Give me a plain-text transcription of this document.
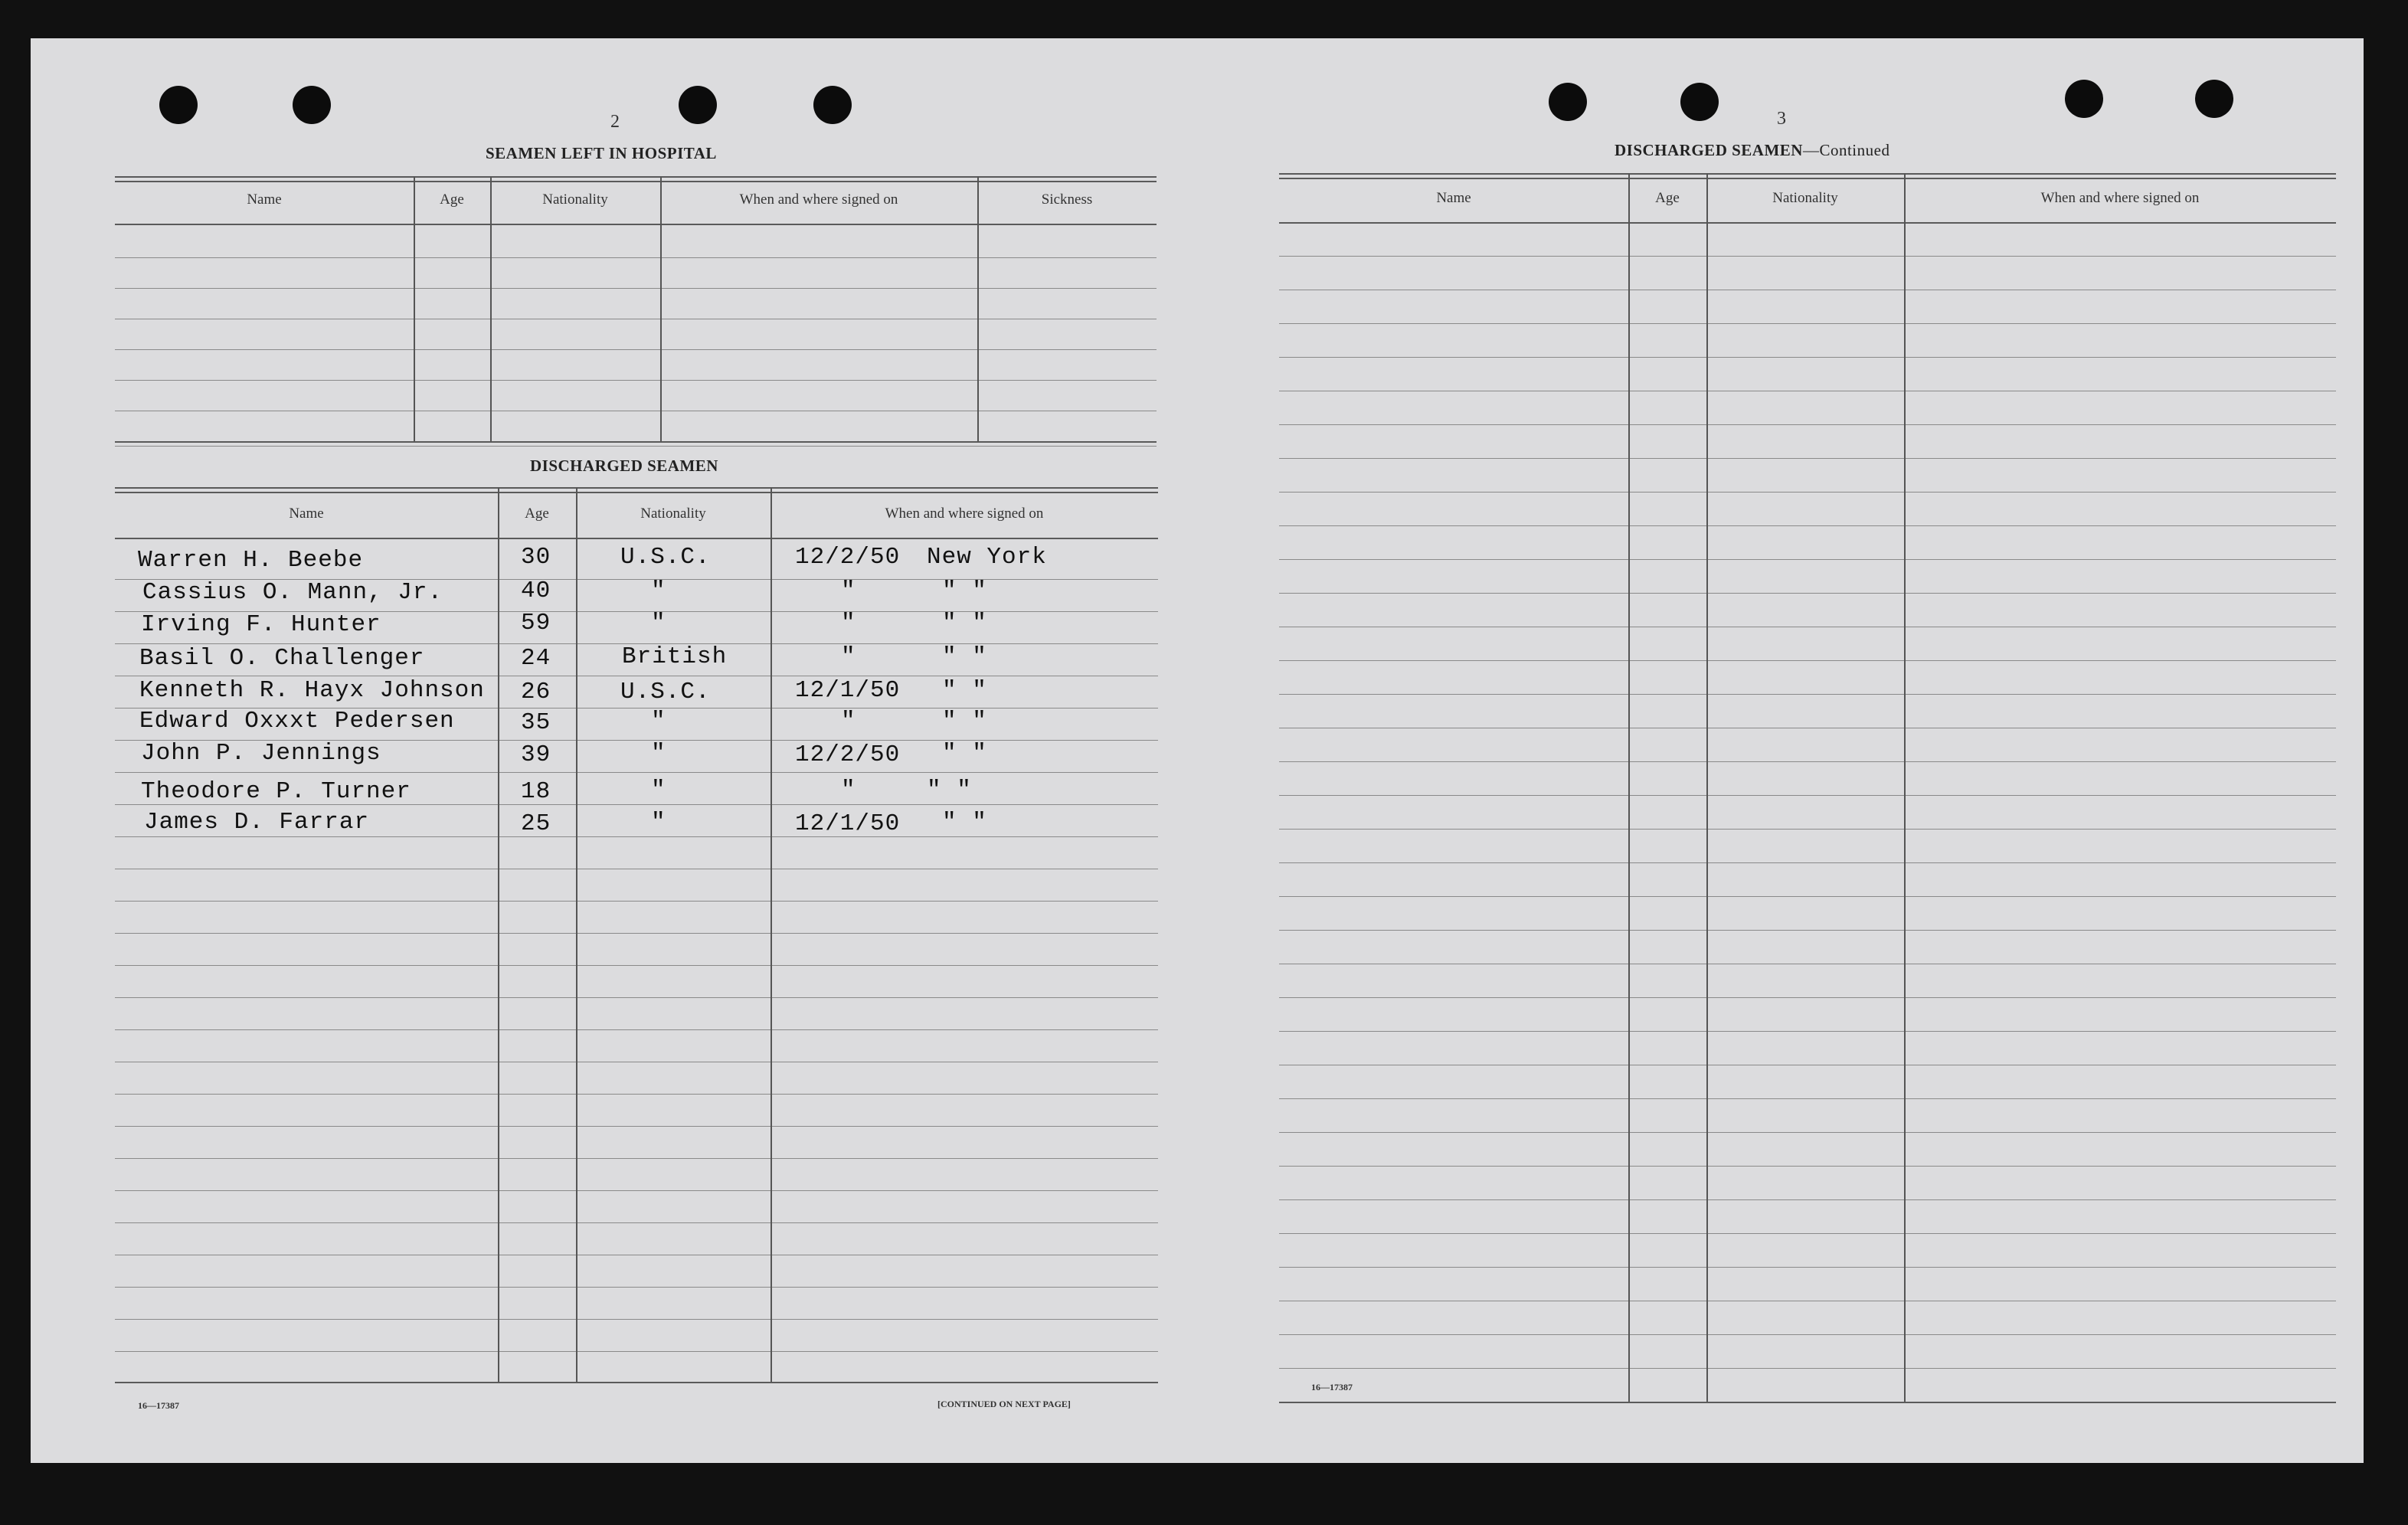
2
SEAMEN LEFT IN HOSPITAL
Name	Age	Nationality	When and where signed on	Sickness
DISCHARGED SEAMEN
Name	Age	Nationality	When and where signed on
Warren H. Beebe	30	U.S.C.	12/2/50 New York
Cassius O. Mann, Jr.	40	"	"	" "
Irving F. Hunter	59	"	"	" "
Basil O. Challenger	24	British	"	" "
Kenneth R. Hayx Johnson 26	U.S.C.	12/1/50 " "
Edward Oxxxt Pedersen	35	"	"	" "
John P. Jennings	39	"	12/2/50 " "
Theodore P. Turner	18	"	"	" "
James D. Farrar	25	"	12/1/50 " "
16—17387	[CONTINUED ON NEXT PAGE]
3
DISCHARGED SEAMEN—Continued
Name	Age	Nationality	When and where signed on
16—17387
